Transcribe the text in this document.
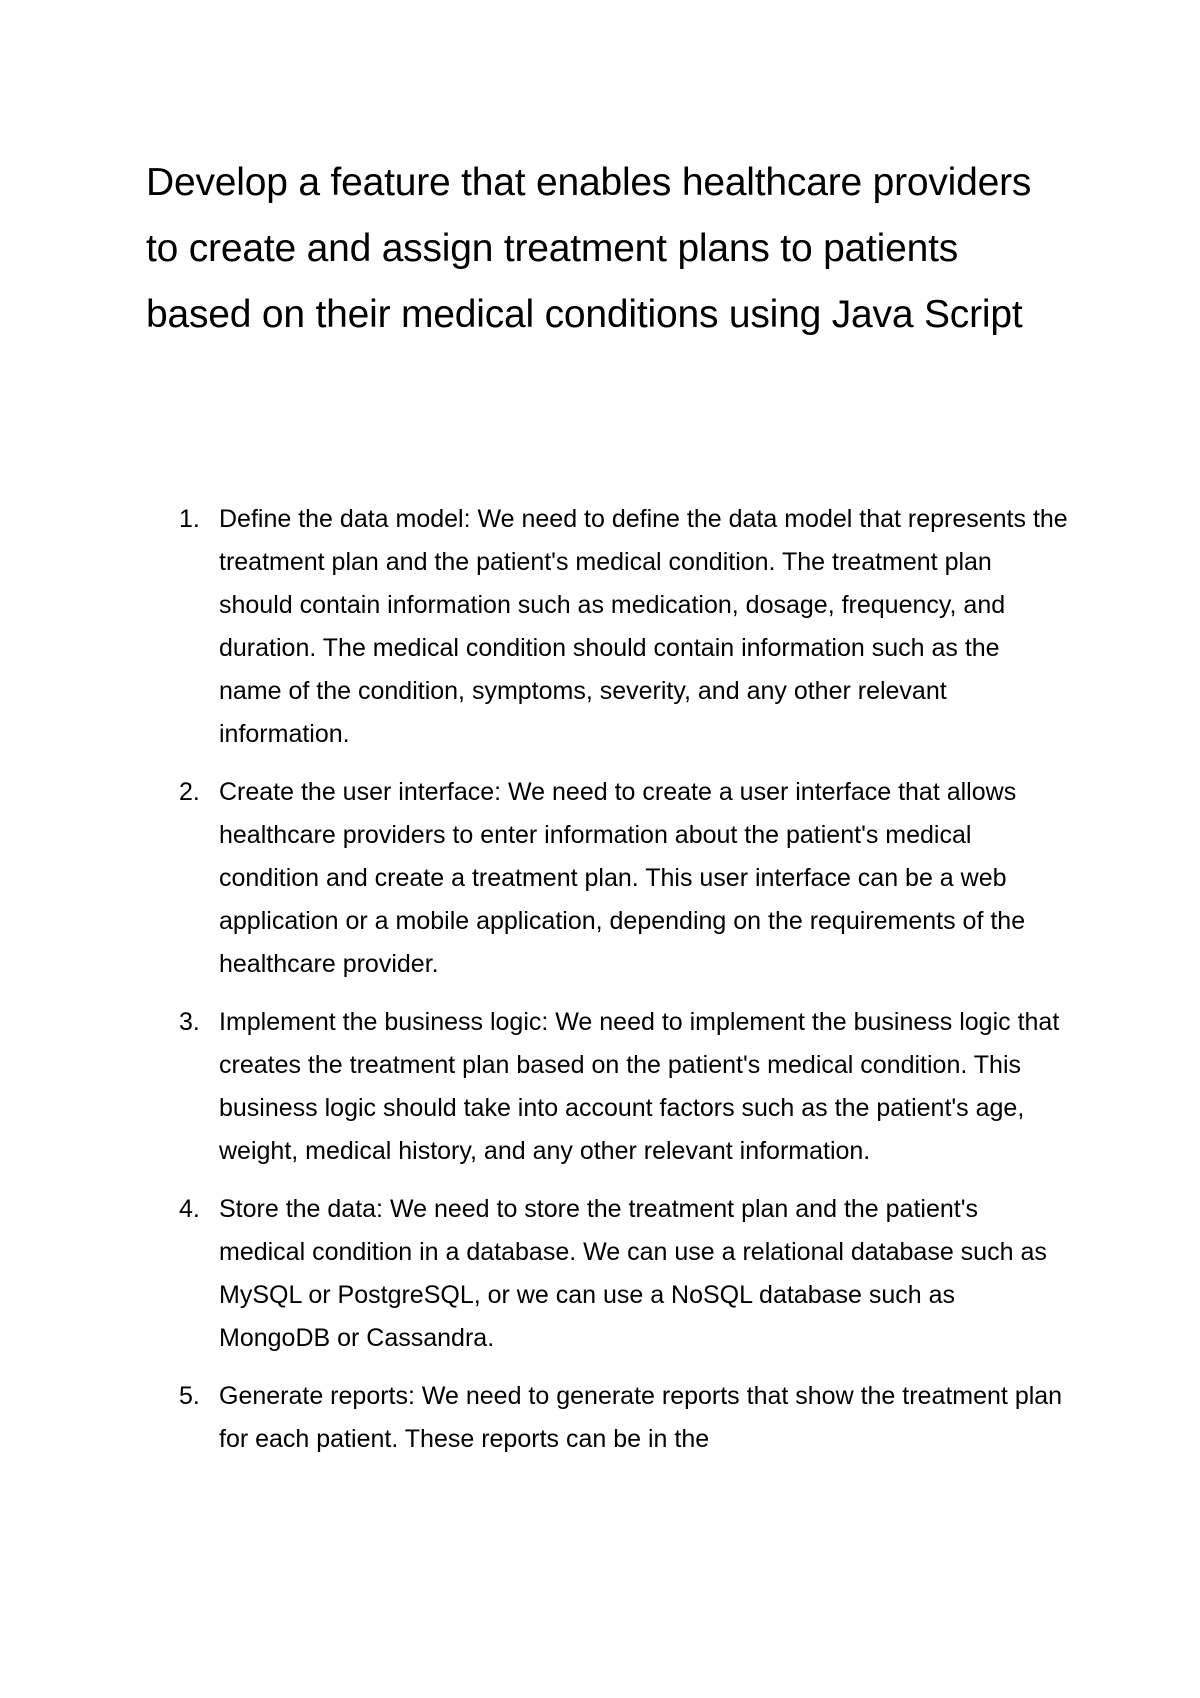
Develop a feature that enables healthcare providers to create and assign treatment plans to patients based on their medical conditions using Java Script
1. Define the data model: We need to define the data model that represents the treatment plan and the patient's medical condition. The treatment plan should contain information such as medication, dosage, frequency, and duration. The medical condition should contain information such as the name of the condition, symptoms, severity, and any other relevant information.
2. Create the user interface: We need to create a user interface that allows healthcare providers to enter information about the patient's medical condition and create a treatment plan. This user interface can be a web application or a mobile application, depending on the requirements of the healthcare provider.
3. Implement the business logic: We need to implement the business logic that creates the treatment plan based on the patient's medical condition. This business logic should take into account factors such as the patient's age, weight, medical history, and any other relevant information.
4. Store the data: We need to store the treatment plan and the patient's medical condition in a database. We can use a relational database such as MySQL or PostgreSQL, or we can use a NoSQL database such as MongoDB or Cassandra.
5. Generate reports: We need to generate reports that show the treatment plan for each patient. These reports can be in the
